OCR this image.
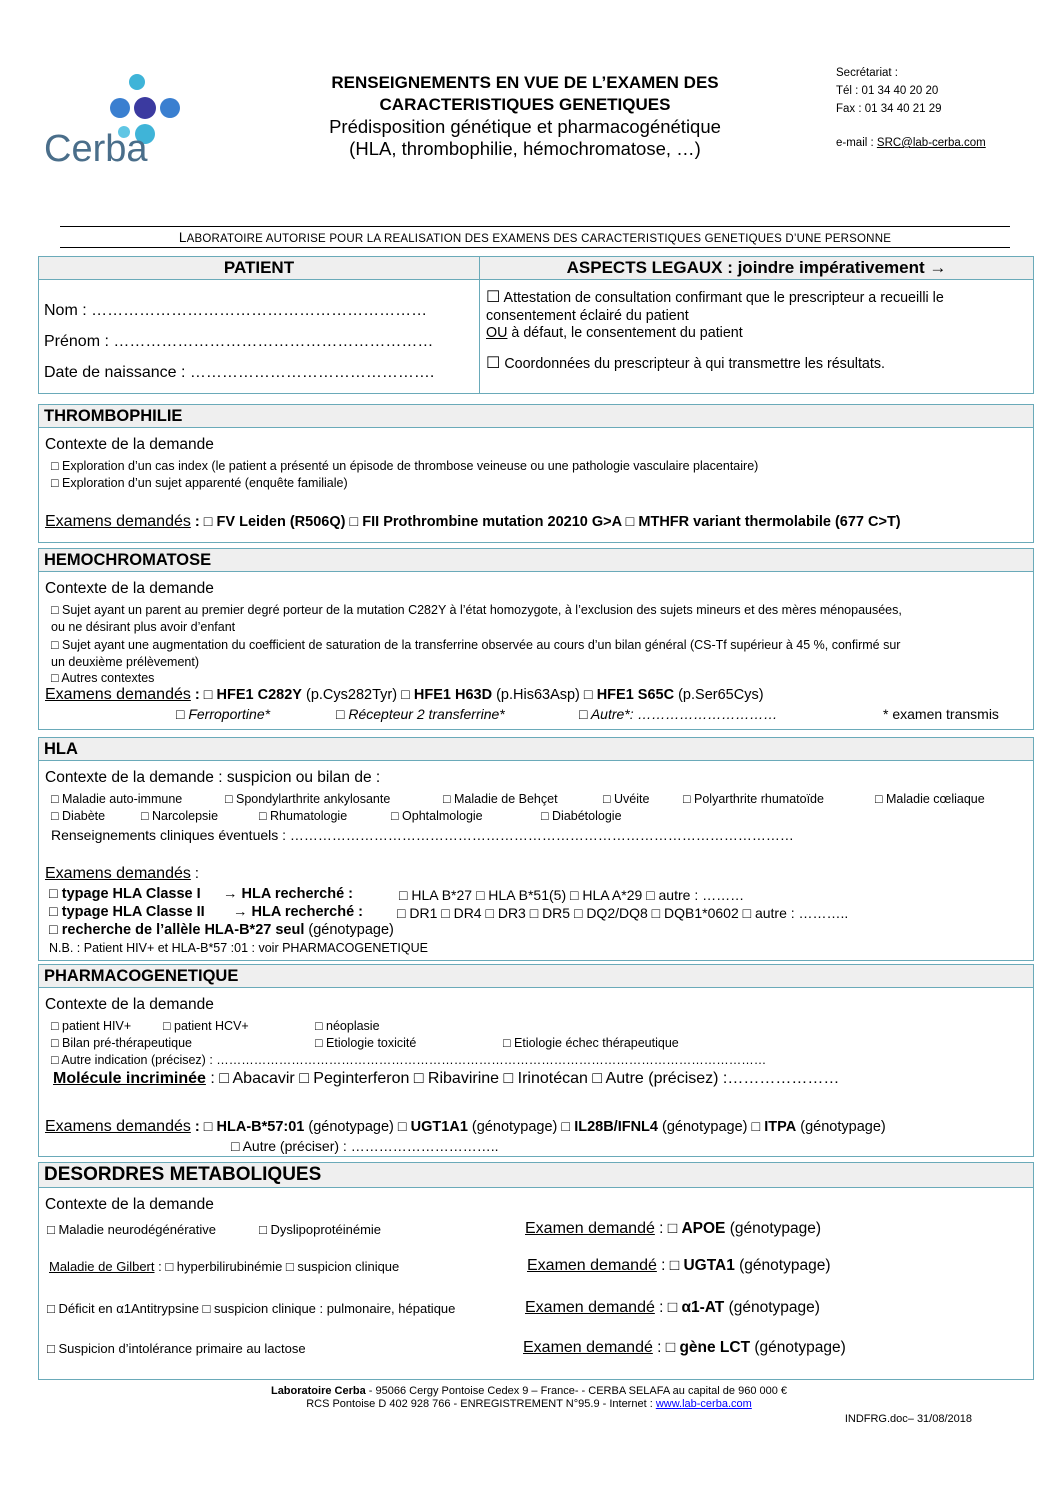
Cerba
RENSEIGNEMENTS EN VUE DE L’EXAMEN DES
CARACTERISTIQUES GENETIQUES
Prédisposition génétique et pharmacogénétique
(HLA, thrombophilie, hémochromatose, …)
Secrétariat :
Tél : 01 34 40 20 20
Fax : 01 34 40 21 29
e-mail : SRC@lab-cerba.com
LABORATOIRE AUTORISE POUR LA REALISATION DES EXAMENS DES CARACTERISTIQUES GENETIQUES D’UNE PERSONNE
PATIENT
Nom : ………………………………………………………
Prénom : ……………………………………………………
Date de naissance : ……………………………………….
ASPECTS LEGAUX : joindre impérativement →
☐ Attestation de consultation confirmant que le prescripteur a recueilli le
consentement éclairé du patient
OU à défaut, le consentement du patient
☐ Coordonnées du prescripteur à qui transmettre les résultats.
THROMBOPHILIE
Contexte de la demande
□ Exploration d’un cas index (le patient a présenté un épisode de thrombose veineuse ou une pathologie vasculaire placentaire)
□ Exploration d’un sujet apparenté (enquête familiale)
Examens demandés : □ FV Leiden (R506Q) □ FII Prothrombine mutation 20210 G>A □ MTHFR variant thermolabile (677 C>T)
HEMOCHROMATOSE
Contexte de la demande
□ Sujet ayant un parent au premier degré porteur de la mutation C282Y à l’état homozygote, à l’exclusion des sujets mineurs et des mères ménopausées,
ou ne désirant plus avoir d’enfant
□ Sujet ayant une augmentation du coefficient de saturation de la transferrine observée au cours d’un bilan général (CS-Tf supérieur à 45 %, confirmé sur
un deuxième prélèvement)
□ Autres contextes
Examens demandés : □ HFE1 C282Y (p.Cys282Tyr) □ HFE1 H63D (p.His63Asp) □ HFE1 S65C (p.Ser65Cys)
□ Ferroportine*	□ Récepteur 2 transferrine*	□ Autre*: …………………………	* examen transmis
HLA
Contexte de la demande : suspicion ou bilan de :
□ Maladie auto-immune	□ Spondylarthrite ankylosante	□ Maladie de Behçet	□ Uvéite	□ Polyarthrite rhumatoïde	□ Maladie cœliaque
□ Diabète	□ Narcolepsie	□ Rhumatologie	□ Ophtalmologie	□ Diabétologie
Renseignements cliniques éventuels : ………………………………………………………………………………………………
Examens demandés :
□ typage HLA Classe I → HLA recherché :	□ HLA B*27 □ HLA B*51(5) □ HLA A*29 □ autre : ………
□ typage HLA Classe II → HLA recherché : □ DR1 □ DR4 □ DR3 □ DR5 □ DQ2/DQ8 □ DQB1*0602 □ autre : ………..
□ recherche de l’allèle HLA-B*27 seul (génotypage)
N.B. : Patient HIV+ et HLA-B*57 :01 : voir PHARMACOGENETIQUE
PHARMACOGENETIQUE
Contexte de la demande
□ patient HIV+	□ patient HCV+	□ néoplasie
□ Bilan pré-thérapeutique	□ Etiologie toxicité	□ Etiologie échec thérapeutique
□ Autre indication (précisez) : ……………………………………………………………………………………………………………………
Molécule incriminée : □ Abacavir □ Peginterferon □ Ribavirine □ Irinotécan □ Autre (précisez) :…………………
Examens demandés : □ HLA-B*57:01 (génotypage) □ UGT1A1 (génotypage) □ IL28B/IFNL4 (génotypage) □ ITPA (génotypage)
□ Autre (préciser) : …………………………..
DESORDRES METABOLIQUES
Contexte de la demande
□ Maladie neurodégénérative	□ Dyslipoprotéinémie	Examen demandé : □ APOE (génotypage)
Maladie de Gilbert : □ hyperbilirubinémie □ suspicion clinique	Examen demandé : □ UGTA1 (génotypage)
□ Déficit en α1Antitrypsine □ suspicion clinique : pulmonaire, hépatique	Examen demandé : □ α1-AT (génotypage)
□ Suspicion d’intolérance primaire au lactose	Examen demandé : □ gène LCT (génotypage)
Laboratoire Cerba - 95066 Cergy Pontoise Cedex 9 – France- - CERBA SELAFA au capital de 960 000 €
RCS Pontoise D 402 928 766 - ENREGISTREMENT N°95.9 - Internet : www.lab-cerba.com
INDFRG.doc– 31/08/2018
